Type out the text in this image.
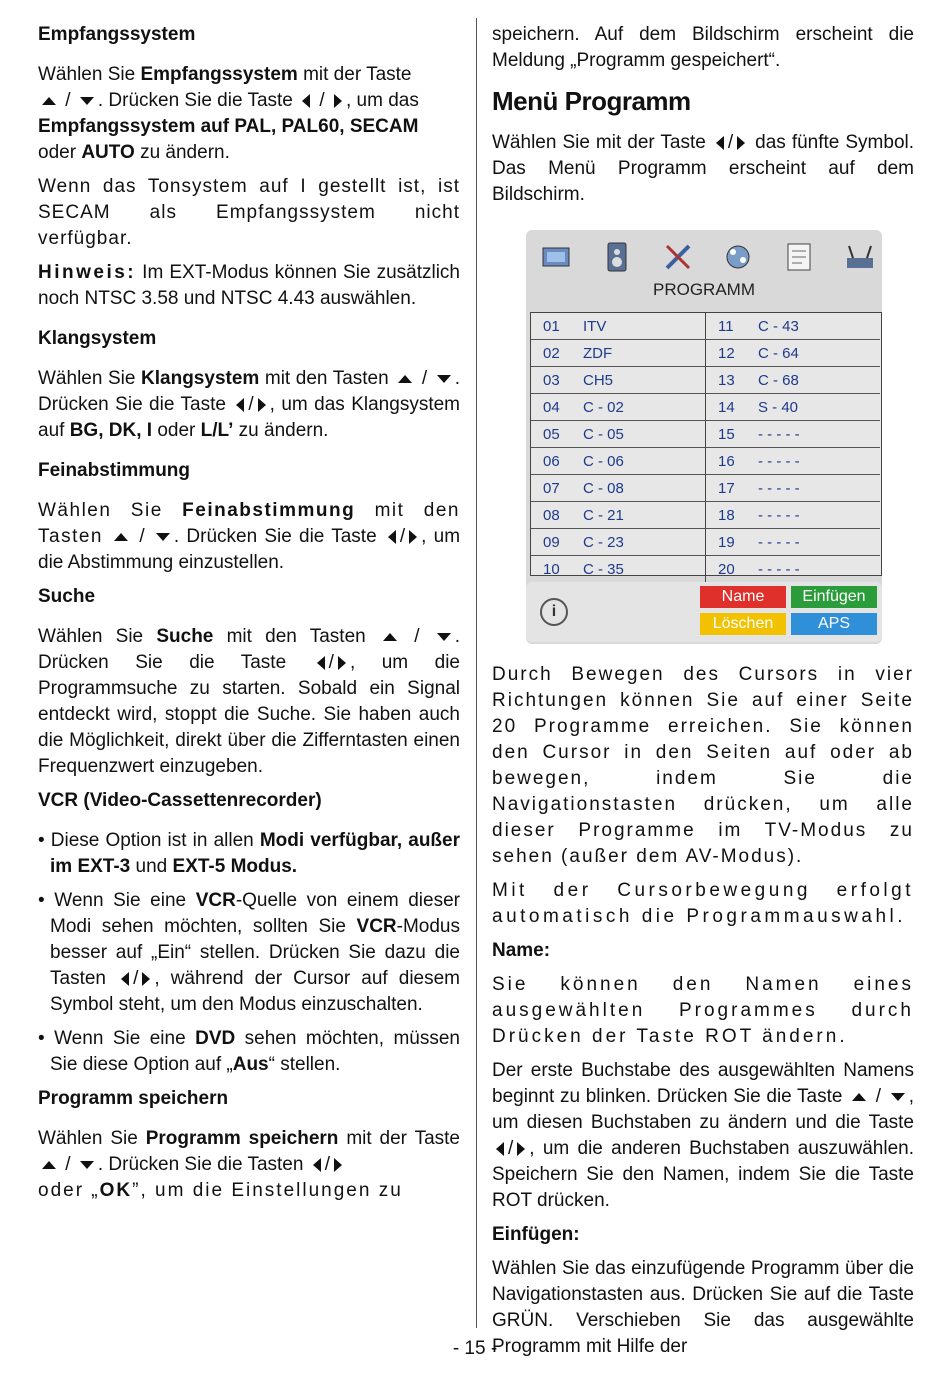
Empfangssystem

Wählen Sie Empfangssystem mit der Taste
/ . Drücken Sie die Taste  / , um das
Empfangssystem auf PAL, PAL60, SECAM
oder AUTO zu ändern.

Wenn das Tonsystem auf I gestellt ist, ist SECAM als Empfangssystem nicht verfügbar.

Hinweis: Im EXT-Modus können Sie zusätzlich noch NTSC 3.58 und NTSC 4.43 auswählen.

Klangsystem

Wählen Sie Klangsystem mit den Tasten  / . Drücken Sie die Taste / , um das Klangsystem auf BG, DK, I oder L/L’ zu ändern.

Feinabstimmung

Wählen Sie Feinabstimmung mit den Tasten  / . Drücken Sie die Taste / , um die Abstimmung einzustellen.

Suche

Wählen Sie Suche mit den Tasten  / . Drücken Sie die Taste / , um die Programmsuche zu starten. Sobald ein Signal entdeckt wird, stoppt die Suche. Sie haben auch die Möglichkeit, direkt über die Zifferntasten einen Frequenzwert einzugeben.

VCR (Video-Cassettenrecorder)

• Diese Option ist in allen Modi verfügbar, außer im EXT-3 und EXT-5 Modus.

• Wenn Sie eine VCR-Quelle von einem dieser Modi sehen möchten, sollten Sie VCR-Modus besser auf „Ein“ stellen. Drücken Sie dazu die Tasten / , während der Cursor auf diesem Symbol steht, um den Modus einzuschalten.

• Wenn Sie eine DVD sehen möchten, müssen Sie diese Option auf „Aus“ stellen.

Programm speichern

Wählen Sie Programm speichern mit der Taste  / . Drücken Sie die Tasten /
oder „OK”, um die Einstellungen zu

speichern. Auf dem Bildschirm erscheint die Meldung „Programm gespeichert“.

Menü Programm

Wählen Sie mit der Taste / das fünfte Symbol. Das Menü Programm erscheint auf dem Bildschirm.

PROGRAMM
01 ITV
02 ZDF
03 CH5
04 C - 02
05 C - 05
06 C - 06
07 C - 08
08 C - 21
09 C - 23
10 C - 35
11 C - 43
12 C - 64
13 C - 68
14 S - 40
15 - - - - -
16 - - - - -
17 - - - - -
18 - - - - -
19 - - - - -
20 - - - - -
i
Name	Einfügen
Löschen	APS

Durch Bewegen des Cursors in vier Richtungen können Sie auf einer Seite 20 Programme erreichen. Sie können den Cursor in den Seiten auf oder ab bewegen, indem Sie die Navigationstasten drücken, um alle dieser Programme im TV-Modus zu sehen (außer dem AV-Modus).

Mit der Cursorbewegung erfolgt automatisch die Programmauswahl.

Name:

Sie können den Namen eines ausgewählten Programmes durch Drücken der Taste ROT ändern.

Der erste Buchstabe des ausgewählten Namens beginnt zu blinken. Drücken Sie die Taste  / , um diesen Buchstaben zu ändern und die Taste / , um die anderen Buchstaben auszuwählen. Speichern Sie den Namen, indem Sie die Taste ROT drücken.

Einfügen:

Wählen Sie das einzufügende Programm über die Navigationstasten aus. Drücken Sie auf die Taste GRÜN. Verschieben Sie das ausgewählte Programm mit Hilfe der

- 15 -
